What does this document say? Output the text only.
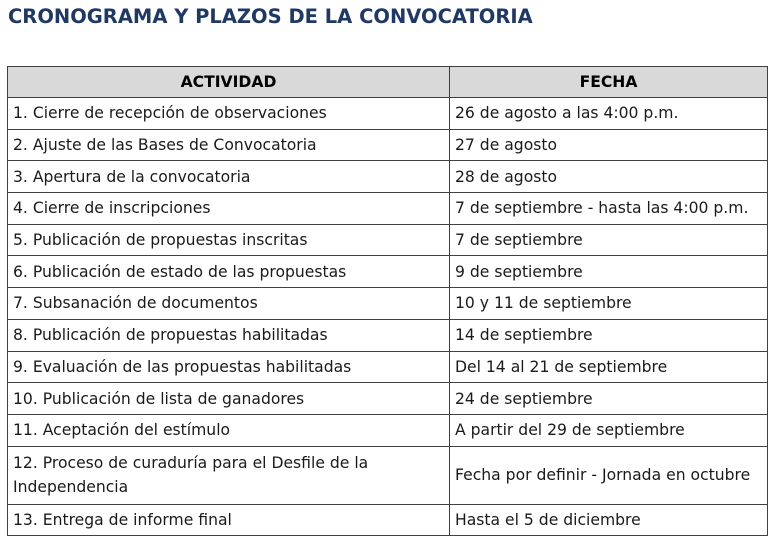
CRONOGRAMA Y PLAZOS DE LA CONVOCATORIA
ACTIVIDAD	FECHA
1. Cierre de recepción de observaciones	26 de agosto a las 4:00 p.m.
2. Ajuste de las Bases de Convocatoria	27 de agosto
3. Apertura de la convocatoria	28 de agosto
4. Cierre de inscripciones	7 de septiembre - hasta las 4:00 p.m.
5. Publicación de propuestas inscritas	7 de septiembre
6. Publicación de estado de las propuestas	9 de septiembre
7. Subsanación de documentos	10 y 11 de septiembre
8. Publicación de propuestas habilitadas	14 de septiembre
9. Evaluación de las propuestas habilitadas	Del 14 al 21 de septiembre
10. Publicación de lista de ganadores	24 de septiembre
11. Aceptación del estímulo	A partir del 29 de septiembre
12. Proceso de curaduría para el Desfile de la Independencia	Fecha por definir - Jornada en octubre
13. Entrega de informe final	Hasta el 5 de diciembre
